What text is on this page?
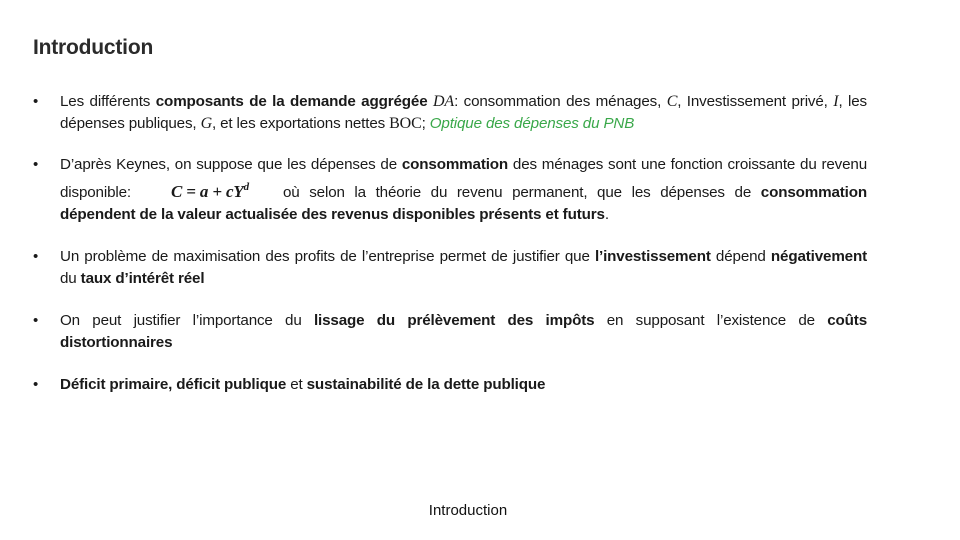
Introduction
•	Les différents composants de la demande aggrégée DA: consommation des ménages, C, Investissement privé, I, les dépenses publiques, G, et les exportations nettes BOC; Optique des dépenses du PNB
•	D’après Keynes, on suppose que les dépenses de consommation des ménages sont une fonction croissante du revenu disponible: $C = a + cY^d$ où selon la théorie du revenu permanent, que les dépenses de consommation dépendent de la valeur actualisée des revenus disponibles présents et futurs.
•	Un problème de maximisation des profits de l’entreprise permet de justifier que l’investissement dépend négativement du taux d’intérêt réel
•	On peut justifier l’importance du lissage du prélèvement des impôts en supposant l’existence de coûts distortionnaires
•	Déficit primaire, déficit publique et sustainabilité de la dette publique
Introduction
